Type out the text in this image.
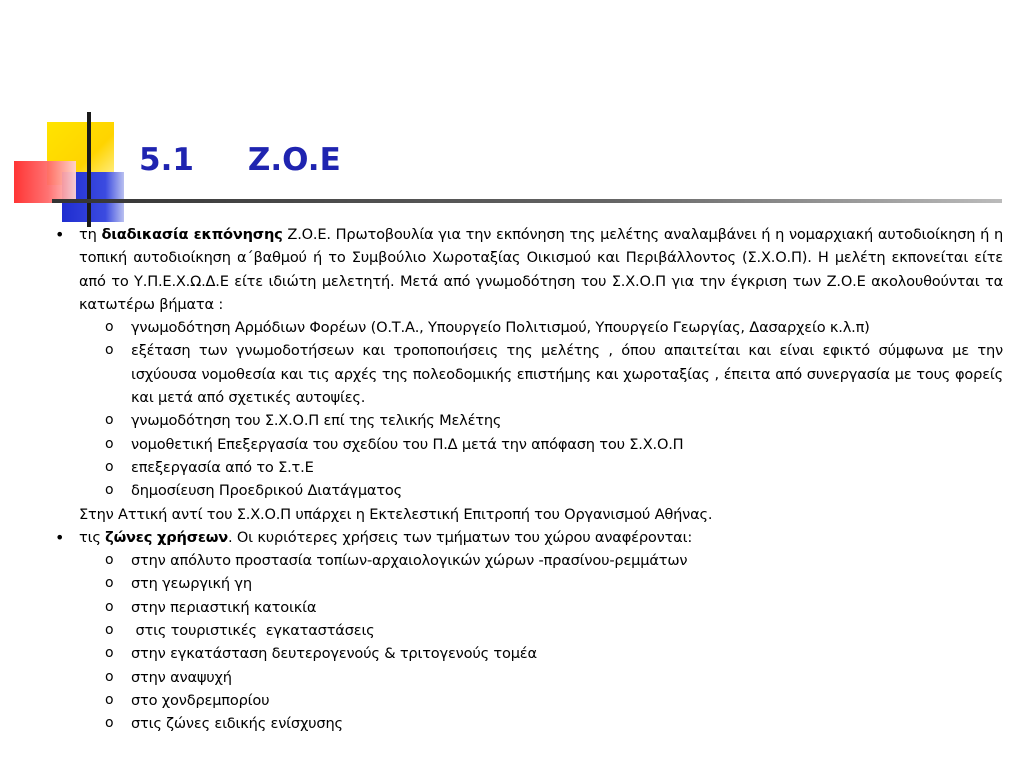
5.1     Z.O.E
• τη διαδικασία εκπόνησης Ζ.Ο.Ε. Πρωτοβουλία για την εκπόνηση της μελέτης αναλαμβάνει ή η νομαρχιακή αυτοδιοίκηση ή η τοπική αυτοδιοίκηση α΄βαθμού ή το Συμβούλιο Χωροταξίας Οικισμού και Περιβάλλοντος (Σ.Χ.Ο.Π). Η μελέτη εκπονείται είτε από το Υ.Π.Ε.Χ.Ω.Δ.Ε είτε ιδιώτη μελετητή. Μετά από γνωμοδότηση του Σ.Χ.Ο.Π για την έγκριση των Ζ.Ο.Ε ακολουθούνται τα κατωτέρω βήματα :
o γνωμοδότηση Αρμόδιων Φορέων (Ο.Τ.Α., Υπουργείο Πολιτισμού, Υπουργείο Γεωργίας, Δασαρχείο κ.λ.π)
o εξέταση των γνωμοδοτήσεων και τροποποιήσεις της μελέτης , όπου απαιτείται και είναι εφικτό σύμφωνα με την ισχύουσα νομοθεσία και τις αρχές της πολεοδομικής επιστήμης και χωροταξίας , έπειτα από συνεργασία με τους φορείς και μετά από σχετικές αυτοψίες.
o γνωμοδότηση του Σ.Χ.Ο.Π επί της τελικής Μελέτης
o νομοθετική Επεξεργασία του σχεδίου του Π.Δ μετά την απόφαση του Σ.Χ.Ο.Π
o επεξεργασία από το Σ.τ.Ε
o δημοσίευση Προεδρικού Διατάγματος
Στην Αττική αντί του Σ.Χ.Ο.Π υπάρχει η Εκτελεστική Επιτροπή του Οργανισμού Αθήνας.
• τις ζώνες χρήσεων. Οι κυριότερες χρήσεις των τμήματων του χώρου αναφέρονται:
o στην απόλυτο προστασία τοπίων-αρχαιολογικών χώρων -πρασίνου-ρεμμάτων
o στη γεωργική γη
o στην περιαστική κατοικία
o στις τουριστικές  εγκαταστάσεις
o στην εγκατάσταση δευτερογενούς & τριτογενούς τομέα
o στην αναψυχή
o στο χονδρεμπορίου
o στις ζώνες ειδικής ενίσχυσης
